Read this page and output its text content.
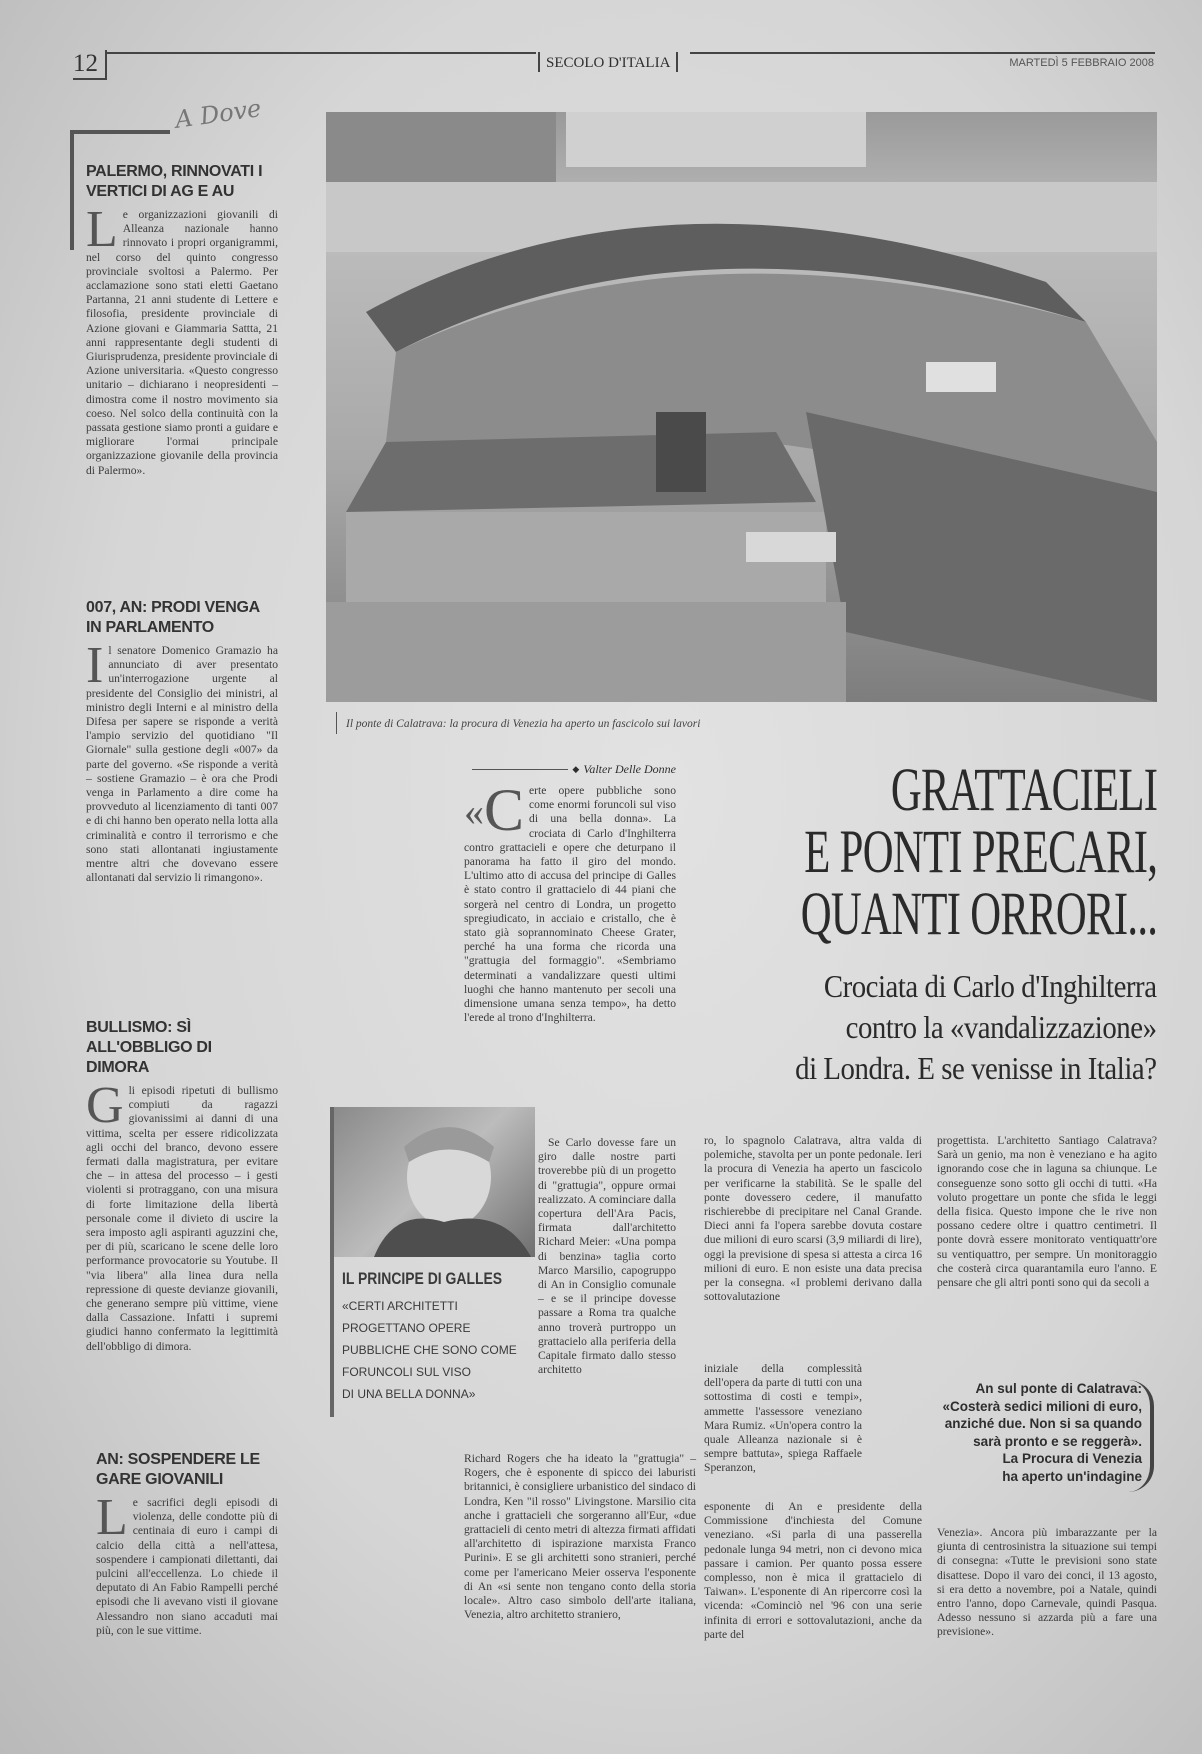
12	SECOLO D'ITALIA	MARTEDÌ 5 FEBBRAIO 2008
A Dove
PALERMO, RINNOVATI I VERTICI DI AG E AU
Le organizzazioni giovanili di Alleanza nazionale hanno rinnovato i propri organigrammi, nel corso del quinto congresso provinciale svoltosi a Palermo. Per acclamazione sono stati eletti Gaetano Partanna, 21 anni studente di Lettere e filosofia, presidente provinciale di Azione giovani e Giammaria Sattta, 21 anni rappresentante degli studenti di Giurisprudenza, presidente provinciale di Azione universitaria. «Questo congresso unitario – dichiarano i neopresidenti – dimostra come il nostro movimento sia coeso. Nel solco della continuità con la passata gestione siamo pronti a guidare e migliorare l'ormai principale organizzazione giovanile della provincia di Palermo».
007, AN: PRODI VENGA IN PARLAMENTO
Il senatore Domenico Gramazio ha annunciato di aver presentato un'interrogazione urgente al presidente del Consiglio dei ministri, al ministro degli Interni e al ministro della Difesa per sapere se risponde a verità l'ampio servizio del quotidiano "Il Giornale" sulla gestione degli «007» da parte del governo. «Se risponde a verità – sostiene Gramazio – è ora che Prodi venga in Parlamento a dire come ha provveduto al licenziamento di tanti 007 e di chi hanno ben operato nella lotta alla criminalità e contro il terrorismo e che sono stati allontanati ingiustamente mentre altri che dovevano essere allontanati dal servizio li rimangono».
BULLISMO: SÌ ALL'OBBLIGO DI DIMORA
Gli episodi ripetuti di bullismo compiuti da ragazzi giovanissimi ai danni di una vittima, scelta per essere ridicolizzata agli occhi del branco, devono essere fermati dalla magistratura, per evitare che – in attesa del processo – i gesti violenti si protraggano, con una misura di forte limitazione della libertà personale come il divieto di uscire la sera imposto agli aspiranti aguzzini che, per di più, scaricano le scene delle loro performance provocatorie su Youtube. Il "via libera" alla linea dura nella repressione di queste devianze giovanili, che generano sempre più vittime, viene dalla Cassazione. Infatti i supremi giudici hanno confermato la legittimità dell'obbligo di dimora.
AN: SOSPENDERE LE GARE GIOVANILI
Le sacrifici degli episodi di violenza, delle condotte più di centinaia di euro i campi di calcio della città a nell'attesa, sospendere i campionati dilettanti, dai pulcini all'eccellenza. Lo chiede il deputato di An Fabio Rampelli perché episodi che li avevano visti il giovane Alessandro non siano accaduti mai più, con le sue vittime.
Il ponte di Calatrava: la procura di Venezia ha aperto un fascicolo sui lavori
◆ Valter Delle Donne	GRATTACIELI
E PONTI PRECARI,
QUANTI ORRORI...
Crociata di Carlo d'Inghilterra
contro la «vandalizzazione»
di Londra. E se venisse in Italia?
« C erte opere pubbliche sono come enormi foruncoli sul viso di una bella donna». La crociata di Carlo d'Inghilterra contro grattacieli e opere che deturpano il panorama ha fatto il giro del mondo. L'ultimo atto di accusa del principe di Galles è stato contro il grattacielo di 44 piani che sorgerà nel centro di Londra, un progetto spregiudicato, in acciaio e cristallo, che è stato già soprannominato Cheese Grater, perché ha una forma che ricorda una "grattugia del formaggio". «Sembriamo determinati a vandalizzare questi ultimi luoghi che hanno mantenuto per secoli una dimensione umana senza tempo», ha detto l'erede al trono d'Inghilterra.

Se Carlo dovesse fare un giro dalle nostre parti troverebbe più di un progetto di "grattugia", oppure ormai realizzato. A cominciare dalla copertura dell'Ara Pacis, firmata dall'architetto Richard Meier: «Una pompa di benzina» taglia corto Marco Marsilio, capogruppo di An in Consiglio comunale – e se il principe dovesse passare a Roma tra qualche anno troverà purtroppo un grattacielo alla periferia della Capitale firmato dallo stesso architetto

Richard Rogers che ha ideato la "grattugia" – Rogers, che è esponente di spicco dei laburisti britannici, è consigliere urbanistico del sindaco di Londra, Ken "il rosso" Livingstone. Marsilio cita anche i grattacieli che sorgeranno all'Eur, «due grattacieli di cento metri di altezza firmati affidati all'architetto di ispirazione marxista Franco Purini». E se gli architetti sono stranieri, perché come per l'americano Meier osserva l'esponente di An «si sente non tengano conto della storia locale». Altro caso simbolo dell'arte italiana, Venezia, altro architetto straniero,
IL PRINCIPE DI GALLES
«CERTI ARCHITETTI
PROGETTANO OPERE
PUBBLICHE CHE SONO COME
FORUNCOLI SUL VISO
DI UNA BELLA DONNA»
ro, lo spagnolo Calatrava, altra valda di polemiche, stavolta per un ponte pedonale. Ieri la procura di Venezia ha aperto un fascicolo per verificarne la stabilità. Se le spalle del ponte dovessero cedere, il manufatto rischierebbe di precipitare nel Canal Grande. Dieci anni fa l'opera sarebbe dovuta costare due milioni di euro scarsi (3,9 miliardi di lire), oggi la previsione di spesa si attesta a circa 16 milioni di euro. E non esiste una data precisa per la consegna. «I problemi derivano dalla sottovalutazione
iniziale della complessità dell'opera da parte di tutti con una sottostima di costi e tempi», ammette l'assessore veneziano Mara Rumiz. «Un'opera contro la quale Alleanza nazionale si è sempre battuta», spiega Raffaele Speranzon,
esponente di An e presidente della Commissione d'inchiesta del Comune veneziano. «Si parla di una passerella pedonale lunga 94 metri, non ci devono mica passare i camion. Per quanto possa essere complesso, non è mica il grattacielo di Taiwan». L'esponente di An ripercorre così la vicenda: «Cominciò nel '96 con una serie infinita di errori e sottovalutazioni, anche da parte del
progettista. L'architetto Santiago Calatrava? Sarà un genio, ma non è veneziano e ha agito ignorando cose che in laguna sa chiunque. Le conseguenze sono sotto gli occhi di tutti. «Ha voluto progettare un ponte che sfida le leggi della fisica. Questo impone che le rive non possano cedere oltre i quattro centimetri. Il ponte dovrà essere monitorato ventiquattr'ore su ventiquattro, per sempre. Un monitoraggio che costerà circa quarantamila euro l'anno. E pensare che gli altri ponti sono qui da secoli a
An sul ponte di Calatrava:
«Costerà sedici milioni di euro,
anziché due. Non si sa quando
sarà pronto e se reggerà».
La Procura di Venezia
ha aperto un'indagine
Venezia». Ancora più imbarazzante per la giunta di centrosinistra la situazione sui tempi di consegna: «Tutte le previsioni sono state disattese. Dopo il varo dei conci, il 13 agosto, si era detto a novembre, poi a Natale, quindi entro l'anno, dopo Carnevale, quindi Pasqua. Adesso nessuno si azzarda più a fare una previsione».
